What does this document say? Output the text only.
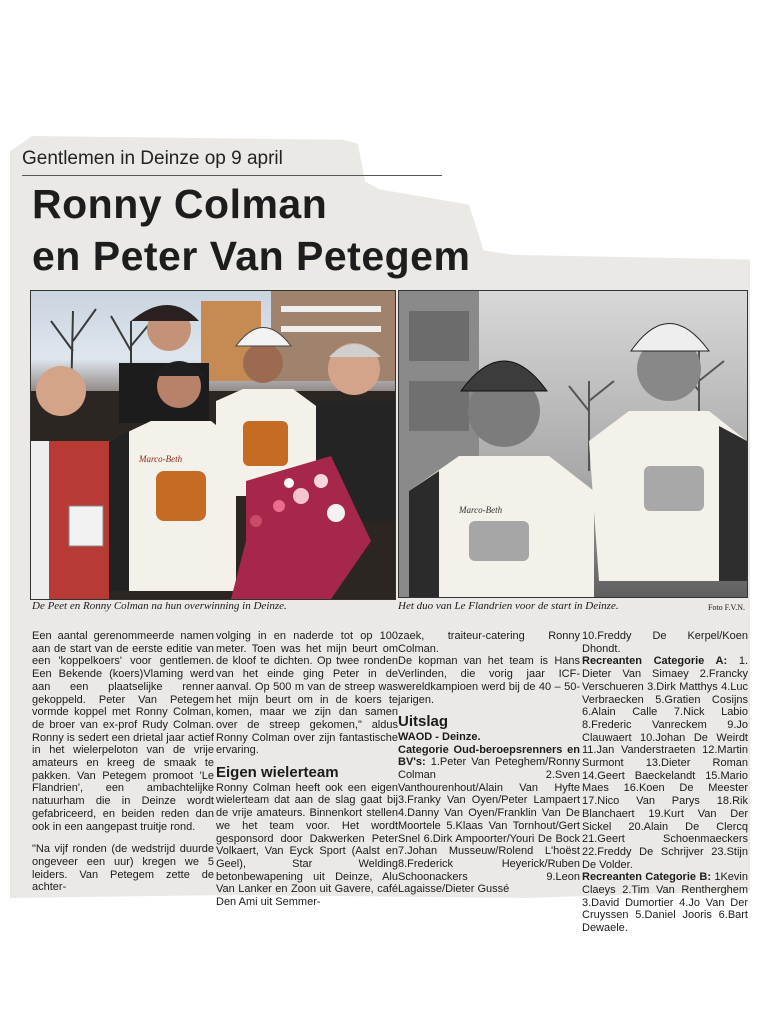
Gentlemen in Deinze op 9 april
Ronny Colman
en Peter Van Petegem
Marco-Beth
Marco-Beth
De Peet en Ronny Colman na hun overwinning in Deinze.	Het duo van Le Flandrien voor de start in Deinze.	Foto F.V.N.

Een aantal gerenommeerde namen aan de start van de eerste editie van een 'koppelkoers' voor gentlemen. Een Bekende (koers)Vlaming werd aan een plaatselijke renner gekoppeld. Peter Van Petegem vormde koppel met Ronny Colman, de broer van ex-prof Rudy Colman. Ronny is sedert een drietal jaar actief in het wielerpeloton van de vrije amateurs en kreeg de smaak te pakken. Van Petegem promoot 'Le Flandrien', een ambachtelijke natuurham die in Deinze wordt gefabriceerd, en beiden reden dan ook in een aangepast truitje rond.

"Na vijf ronden (de wedstrijd duurde ongeveer een uur) kregen we 5 leiders. Van Petegem zette de achter-

volging in en naderde tot op 100 meter. Toen was het mijn beurt om de kloof te dichten. Op twee ronden van het einde ging Peter in de aanval. Op 500 m van de streep was het mijn beurt om in de koers te komen, maar we zijn dan samen over de streep gekomen," aldus Ronny Colman over zijn fantastische ervaring.

Eigen wielerteam

Ronny Colman heeft ook een eigen wielerteam dat aan de slag gaat bij de vrije amateurs. Binnenkort stellen we het team voor. Het wordt gesponsord door Dakwerken Peter Volkaert, Van Eyck Sport (Aalst en Geel), Star Welding betonbewapening uit Deinze, Alu Van Lanker en Zoon uit Gavere, café Den Ami uit Semmer-

zaek, traiteur-catering Ronny Colman.

De kopman van het team is Hans Verlinden, die vorig jaar ICF-wereldkampioen werd bij de 40 – 50-jarigen.

Uitslag
WAOD - Deinze.
Categorie Oud-beroepsrenners en BV's: 1.Peter Van Peteghem/Ronny Colman 2.Sven Vanthourenhout/Alain Van Hyfte 3.Franky Van Oyen/Peter Lampaert 4.Danny Van Oyen/Franklin Van De Moortele 5.Klaas Van Tornhout/Gert Snel 6.Dirk Ampoorter/Youri De Bock 7.Johan Musseuw/Rolend L'hoëst 8.Frederick Heyerick/Ruben Schoonackers 9.Leon Lagaisse/Dieter Gussé
10.Freddy De Kerpel/Koen Dhondt.
Recreanten Categorie A: 1. Dieter Van Simaey 2.Francky Verschueren 3.Dirk Matthys 4.Luc Verbraecken 5.Gratien Cosijns 6.Alain Calle 7.Nick Labio 8.Frederic Vanreckem 9.Jo Clauwaert 10.Johan De Weirdt 11.Jan Vanderstraeten 12.Martin Surmont 13.Dieter Roman 14.Geert Baeckelandt 15.Mario Maes 16.Koen De Meester 17.Nico Van Parys 18.Rik Blanchaert 19.Kurt Van Der Sickel 20.Alain De Clercq 21.Geert Schoenmaeckers 22.Freddy De Schrijver 23.Stijn De Volder.
Recreanten Categorie B: 1Kevin Claeys 2.Tim Van Rentherghem 3.David Dumortier 4.Jo Van Der Cruyssen 5.Daniel Jooris 6.Bart Dewaele.
